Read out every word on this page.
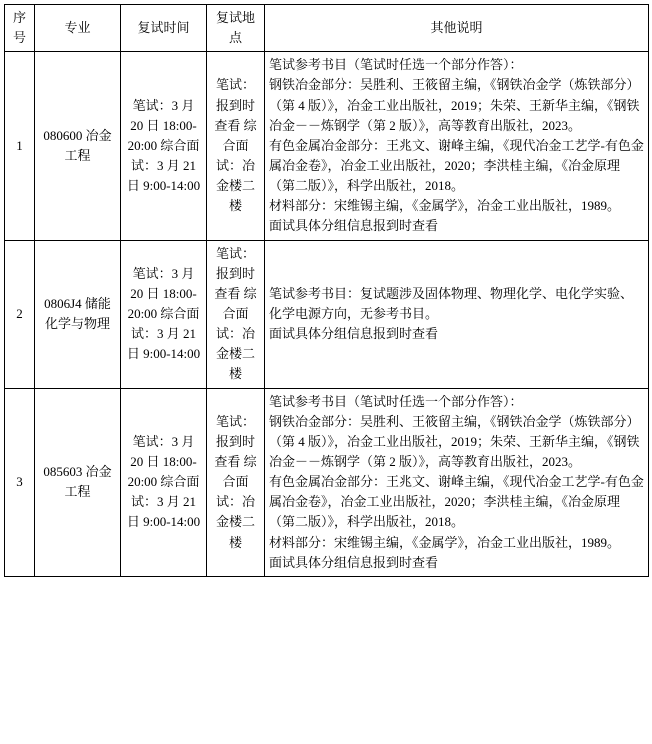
序号	专业	复试时间	复试地点	其他说明
1	080600 冶金工程	笔试：3 月 20 日 18:00-20:00 综合面试：3 月 21 日 9:00-14:00	笔试：报到时查看 综合面试：冶金楼二楼	笔试参考书目（笔试时任选一个部分作答）：

钢铁冶金部分：吴胜利、王筱留主编，《钢铁冶金学（炼铁部分）（第 4 版）》，冶金工业出版社，2019；朱荣、王新华主编，《钢铁冶金－－炼钢学（第 2 版）》，高等教育出版社，2023。

有色金属冶金部分：王兆文、谢峰主编，《现代冶金工艺学-有色金属冶金卷》，冶金工业出版社，2020；李洪桂主编，《冶金原理（第二版）》，科学出版社，2018。

材料部分：宋维锡主编，《金属学》，冶金工业出版社，1989。

面试具体分组信息报到时查看

2	0806J4 储能化学与物理	笔试：3 月 20 日 18:00-20:00 综合面试：3 月 21 日 9:00-14:00	笔试：报到时查看 综合面试：冶金楼二楼	笔试参考书目：复试题涉及固体物理、物理化学、电化学实验、化学电源方向，无参考书目。

面试具体分组信息报到时查看

3	085603 冶金工程	笔试：3 月 20 日 18:00-20:00 综合面试：3 月 21 日 9:00-14:00	笔试：报到时查看 综合面试：冶金楼二楼	笔试参考书目（笔试时任选一个部分作答）：

钢铁冶金部分：吴胜利、王筱留主编，《钢铁冶金学（炼铁部分）（第 4 版）》，冶金工业出版社，2019；朱荣、王新华主编，《钢铁冶金－－炼钢学（第 2 版）》，高等教育出版社，2023。

有色金属冶金部分：王兆文、谢峰主编，《现代冶金工艺学-有色金属冶金卷》，冶金工业出版社，2020；李洪桂主编，《冶金原理（第二版）》，科学出版社，2018。

材料部分：宋维锡主编，《金属学》，冶金工业出版社，1989。

面试具体分组信息报到时查看
